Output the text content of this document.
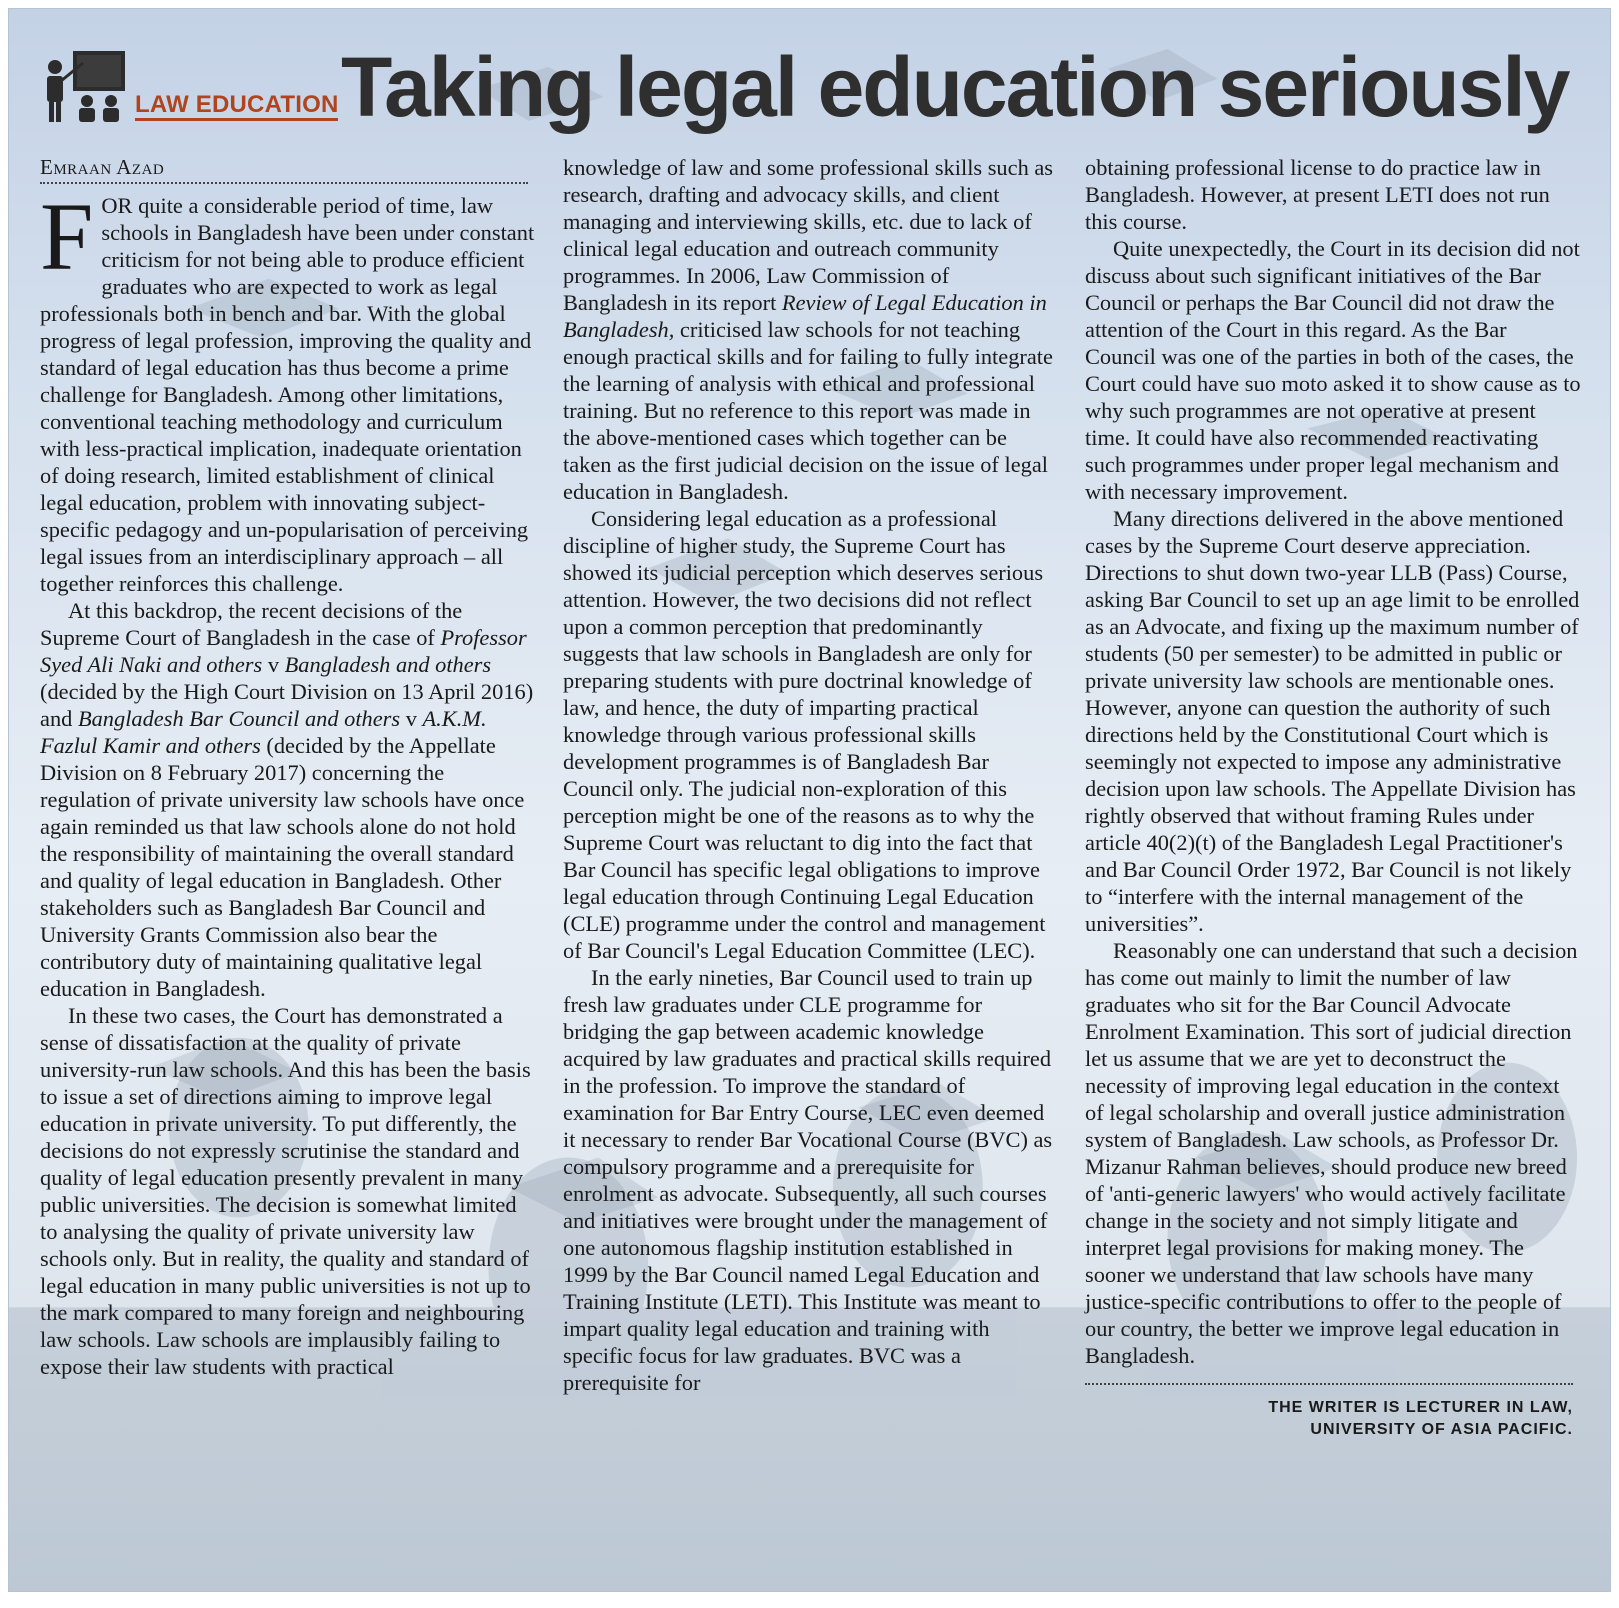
LAW EDUCATION Taking legal education seriously
Emraan Azad

FOR quite a considerable period of time, law schools in Bangladesh have been under constant criticism for not being able to produce efficient graduates who are expected to work as legal professionals both in bench and bar. With the global progress of legal profession, improving the quality and standard of legal education has thus become a prime challenge for Bangladesh. Among other limitations, conventional teaching methodology and curriculum with less-practical implication, inadequate orientation of doing research, limited establishment of clinical legal education, problem with innovating subject-specific pedagogy and un-popularisation of perceiving legal issues from an interdisciplinary approach – all together reinforces this challenge.

At this backdrop, the recent decisions of the Supreme Court of Bangladesh in the case of Professor Syed Ali Naki and others v Bangladesh and others (decided by the High Court Division on 13 April 2016) and Bangladesh Bar Council and others v A.K.M. Fazlul Kamir and others (decided by the Appellate Division on 8 February 2017) concerning the regulation of private university law schools have once again reminded us that law schools alone do not hold the responsibility of maintaining the overall standard and quality of legal education in Bangladesh. Other stakeholders such as Bangladesh Bar Council and University Grants Commission also bear the contributory duty of maintaining qualitative legal education in Bangladesh.

In these two cases, the Court has demonstrated a sense of dissatisfaction at the quality of private university-run law schools. And this has been the basis to issue a set of directions aiming to improve legal education in private university. To put differently, the decisions do not expressly scrutinise the standard and quality of legal education presently prevalent in many public universities. The decision is somewhat limited to analysing the quality of private university law schools only. But in reality, the quality and standard of legal education in many public universities is not up to the mark compared to many foreign and neighbouring law schools. Law schools are implausibly failing to expose their law students with practical

knowledge of law and some professional skills such as research, drafting and advocacy skills, and client managing and interviewing skills, etc. due to lack of clinical legal education and outreach community programmes. In 2006, Law Commission of Bangladesh in its report Review of Legal Education in Bangladesh, criticised law schools for not teaching enough practical skills and for failing to fully integrate the learning of analysis with ethical and professional training. But no reference to this report was made in the above-mentioned cases which together can be taken as the first judicial decision on the issue of legal education in Bangladesh.

Considering legal education as a professional discipline of higher study, the Supreme Court has showed its judicial perception which deserves serious attention. However, the two decisions did not reflect upon a common perception that predominantly suggests that law schools in Bangladesh are only for preparing students with pure doctrinal knowledge of law, and hence, the duty of imparting practical knowledge through various professional skills development programmes is of Bangladesh Bar Council only. The judicial non-exploration of this perception might be one of the reasons as to why the Supreme Court was reluctant to dig into the fact that Bar Council has specific legal obligations to improve legal education through Continuing Legal Education (CLE) programme under the control and management of Bar Council's Legal Education Committee (LEC).

In the early nineties, Bar Council used to train up fresh law graduates under CLE programme for bridging the gap between academic knowledge acquired by law graduates and practical skills required in the profession. To improve the standard of examination for Bar Entry Course, LEC even deemed it necessary to render Bar Vocational Course (BVC) as compulsory programme and a prerequisite for enrolment as advocate. Subsequently, all such courses and initiatives were brought under the management of one autonomous flagship institution established in 1999 by the Bar Council named Legal Education and Training Institute (LETI). This Institute was meant to impart quality legal education and training with specific focus for law graduates. BVC was a prerequisite for

obtaining professional license to do practice law in Bangladesh. However, at present LETI does not run this course.

Quite unexpectedly, the Court in its decision did not discuss about such significant initiatives of the Bar Council or perhaps the Bar Council did not draw the attention of the Court in this regard. As the Bar Council was one of the parties in both of the cases, the Court could have suo moto asked it to show cause as to why such programmes are not operative at present time. It could have also recommended reactivating such programmes under proper legal mechanism and with necessary improvement.

Many directions delivered in the above mentioned cases by the Supreme Court deserve appreciation. Directions to shut down two-year LLB (Pass) Course, asking Bar Council to set up an age limit to be enrolled as an Advocate, and fixing up the maximum number of students (50 per semester) to be admitted in public or private university law schools are mentionable ones. However, anyone can question the authority of such directions held by the Constitutional Court which is seemingly not expected to impose any administrative decision upon law schools. The Appellate Division has rightly observed that without framing Rules under article 40(2)(t) of the Bangladesh Legal Practitioner's and Bar Council Order 1972, Bar Council is not likely to “interfere with the internal management of the universities”.

Reasonably one can understand that such a decision has come out mainly to limit the number of law graduates who sit for the Bar Council Advocate Enrolment Examination. This sort of judicial direction let us assume that we are yet to deconstruct the necessity of improving legal education in the context of legal scholarship and overall justice administration system of Bangladesh. Law schools, as Professor Dr. Mizanur Rahman believes, should produce new breed of 'anti-generic lawyers' who would actively facilitate change in the society and not simply litigate and interpret legal provisions for making money. The sooner we understand that law schools have many justice-specific contributions to offer to the people of our country, the better we improve legal education in Bangladesh.

THE WRITER IS LECTURER IN LAW,
UNIVERSITY OF ASIA PACIFIC.
